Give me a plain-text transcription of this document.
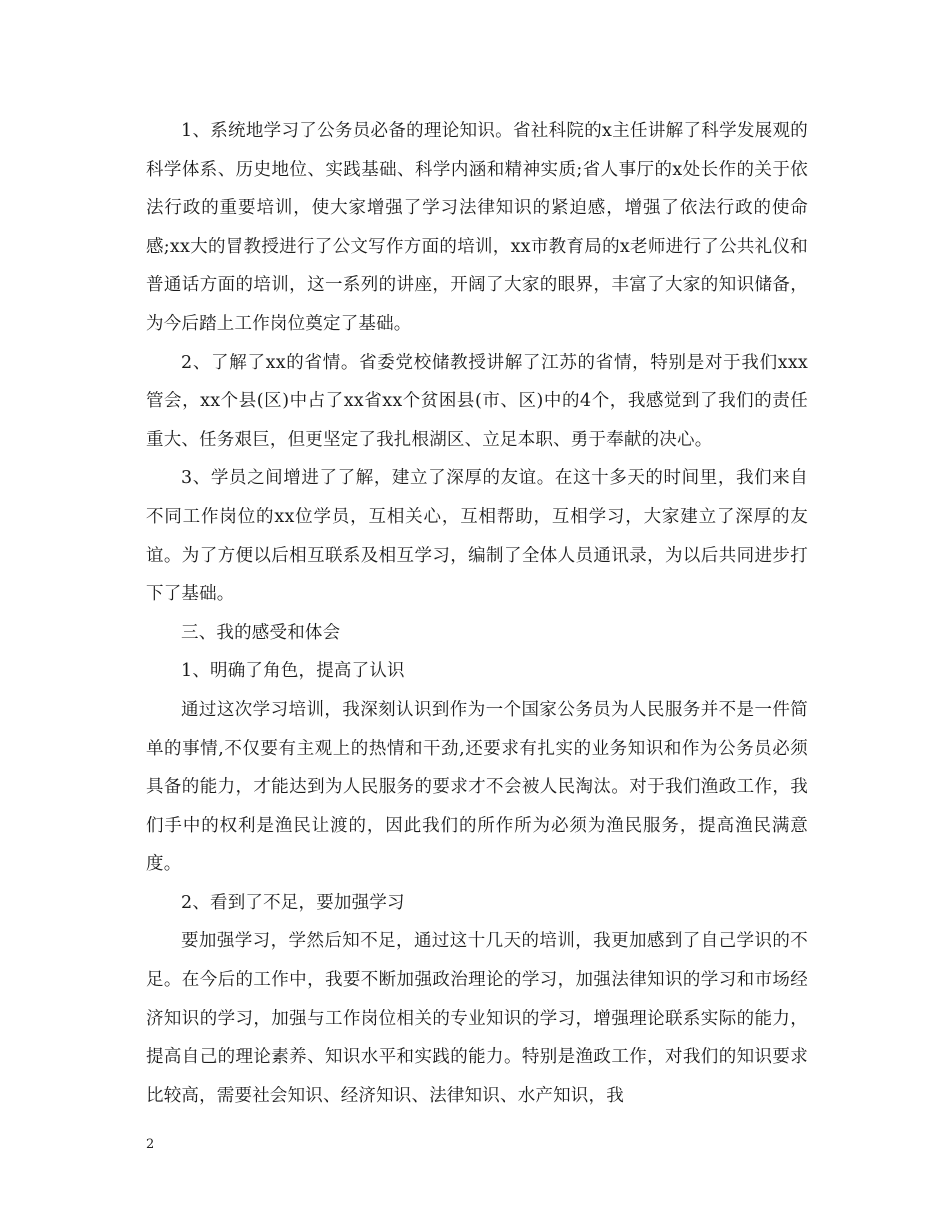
1、系统地学习了公务员必备的理论知识。省社科院的x主任讲解了科学发展观的科学体系、历史地位、实践基础、科学内涵和精神实质;省人事厅的x处长作的关于依法行政的重要培训，使大家增强了学习法律知识的紧迫感，增强了依法行政的使命感;xx大的冒教授进行了公文写作方面的培训，xx市教育局的x老师进行了公共礼仪和普通话方面的培训，这一系列的讲座，开阔了大家的眼界，丰富了大家的知识储备，为今后踏上工作岗位奠定了基础。

2、了解了xx的省情。省委党校储教授讲解了江苏的省情，特别是对于我们xxx管会，xx个县(区)中占了xx省xx个贫困县(市、区)中的4个，我感觉到了我们的责任重大、任务艰巨，但更坚定了我扎根湖区、立足本职、勇于奉献的决心。

3、学员之间增进了了解，建立了深厚的友谊。在这十多天的时间里，我们来自不同工作岗位的xx位学员，互相关心，互相帮助，互相学习，大家建立了深厚的友谊。为了方便以后相互联系及相互学习，编制了全体人员通讯录，为以后共同进步打下了基础。

三、我的感受和体会

1、明确了角色，提高了认识

通过这次学习培训，我深刻认识到作为一个国家公务员为人民服务并不是一件简单的事情,不仅要有主观上的热情和干劲,还要求有扎实的业务知识和作为公务员必须具备的能力，才能达到为人民服务的要求才不会被人民淘汰。对于我们渔政工作，我们手中的权利是渔民让渡的，因此我们的所作所为必须为渔民服务，提高渔民满意度。

2、看到了不足，要加强学习

要加强学习，学然后知不足，通过这十几天的培训，我更加感到了自己学识的不足。在今后的工作中，我要不断加强政治理论的学习，加强法律知识的学习和市场经济知识的学习，加强与工作岗位相关的专业知识的学习，增强理论联系实际的能力，提高自己的理论素养、知识水平和实践的能力。特别是渔政工作，对我们的知识要求比较高，需要社会知识、经济知识、法律知识、水产知识，我

2
